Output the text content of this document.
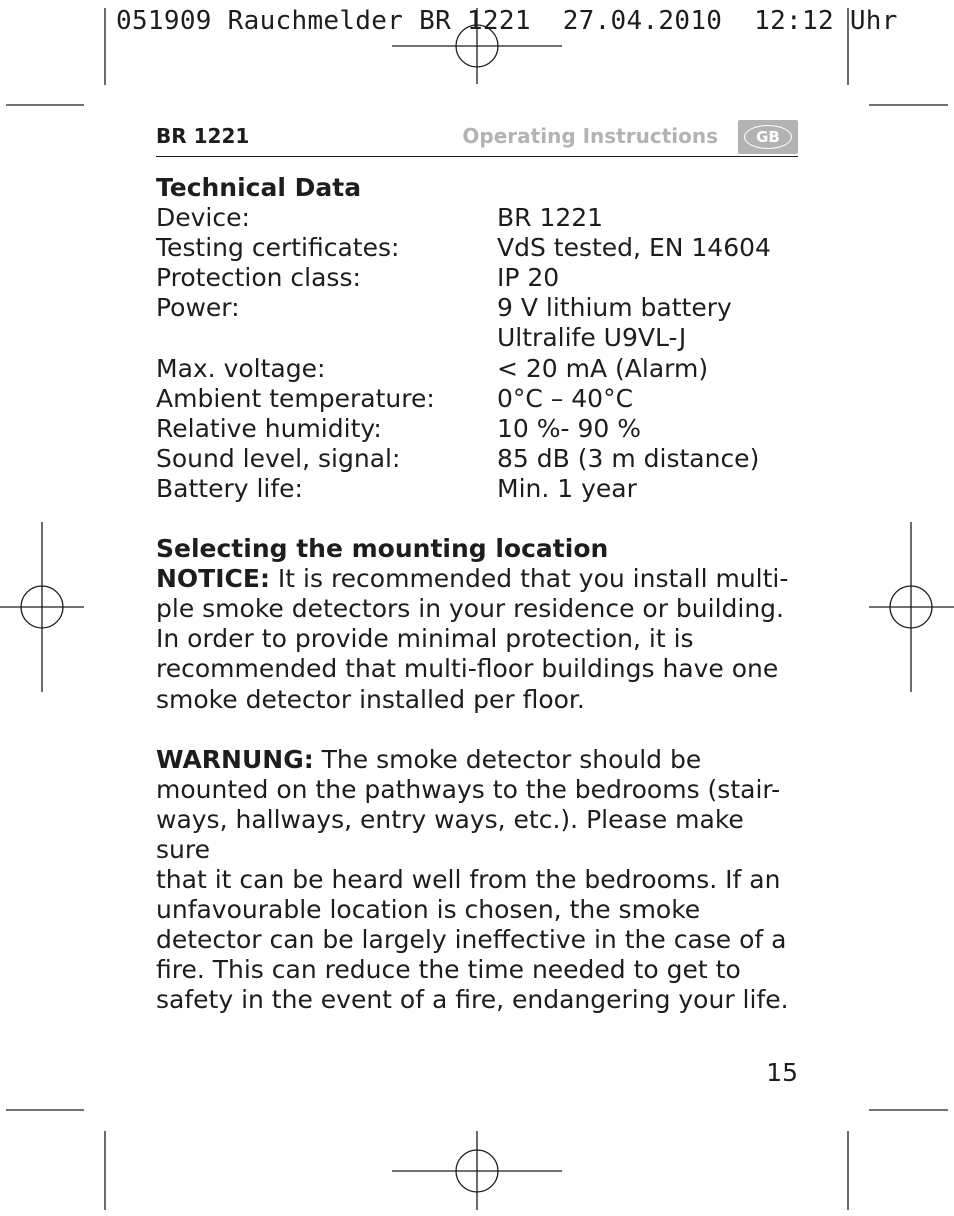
051909 Rauchmelder BR 1221  27.04.2010  12:12 Uhr
BR 1221	Operating Instructions	GB
Technical Data
Device:	BR 1221
Testing certificates:	VdS tested, EN 14604
Protection class:	IP 20
Power:	9 V lithium battery
Ultralife U9VL-J
Max. voltage:	< 20 mA (Alarm)
Ambient temperature:	0°C – 40°C
Relative humidity:	10 %- 90 %
Sound level, signal:	85 dB (3 m distance)
Battery life:	Min. 1 year
Selecting the mounting location
NOTICE: It is recommended that you install multi-
ple smoke detectors in your residence or building.
In order to provide minimal protection, it is
recommended that multi-floor buildings have one
smoke detector installed per floor.
WARNUNG: The smoke detector should be
mounted on the pathways to the bedrooms (stair-
ways, hallways, entry ways, etc.). Please make sure
that it can be heard well from the bedrooms. If an
unfavourable location is chosen, the smoke
detector can be largely ineffective in the case of a
fire. This can reduce the time needed to get to
safety in the event of a fire, endangering your life.
15
